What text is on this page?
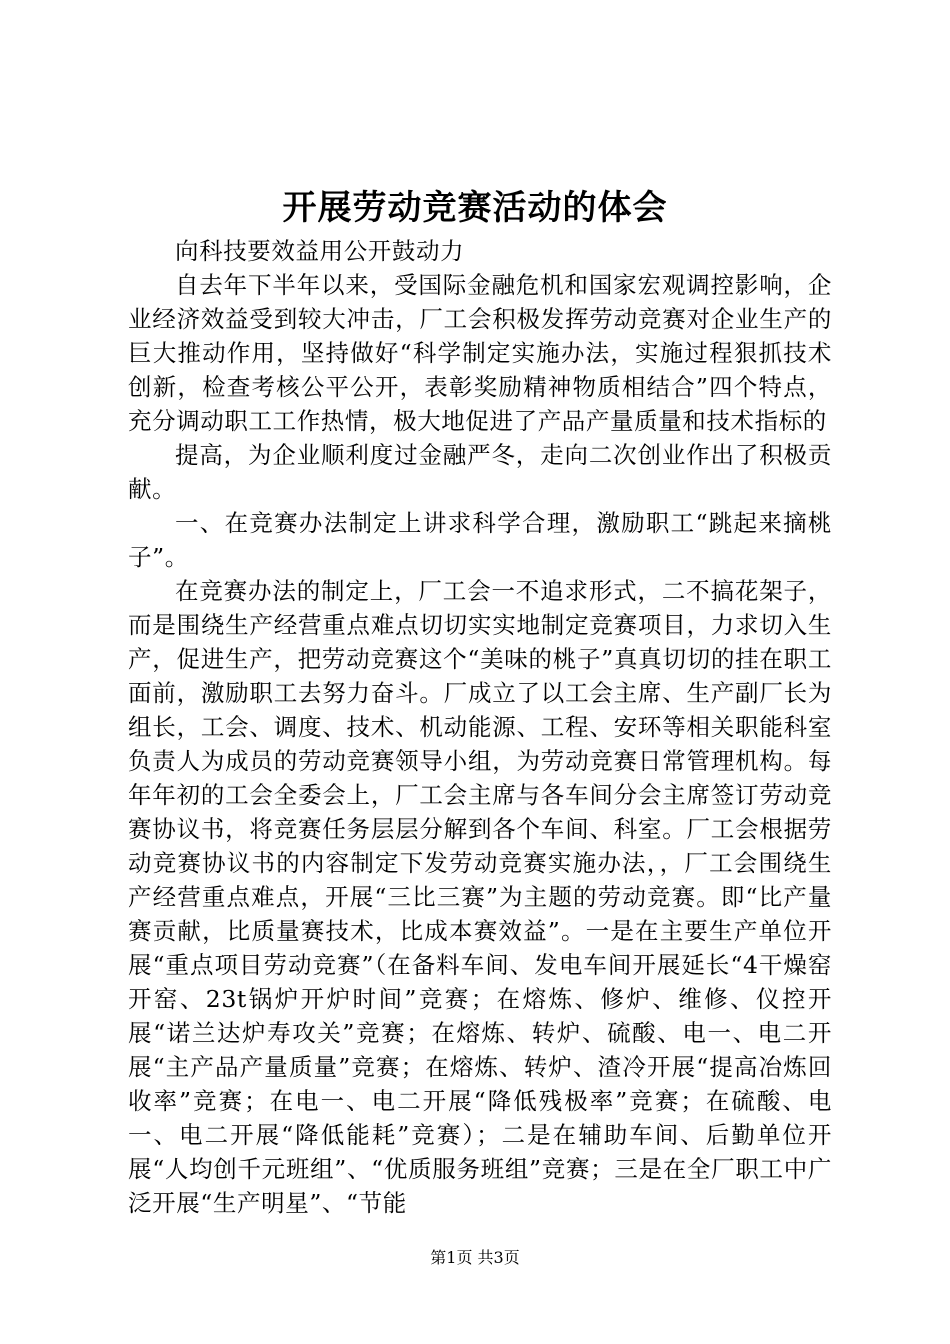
开展劳动竞赛活动的体会

向科技要效益用公开鼓动力

自去年下半年以来，受国际金融危机和国家宏观调控影响，企业经济效益受到较大冲击，厂工会积极发挥劳动竞赛对企业生产的巨大推动作用，坚持做好“科学制定实施办法，实施过程狠抓技术创新，检查考核公平公开，表彰奖励精神物质相结合”四个特点，充分调动职工工作热情，极大地促进了产品产量质量和技术指标的

提高，为企业顺利度过金融严冬，走向二次创业作出了积极贡献。

一、在竞赛办法制定上讲求科学合理，激励职工“跳起来摘桃子”。

在竞赛办法的制定上，厂工会一不追求形式，二不搞花架子，而是围绕生产经营重点难点切切实实地制定竞赛项目，力求切入生产，促进生产，把劳动竞赛这个“美味的桃子”真真切切的挂在职工面前，激励职工去努力奋斗。厂成立了以工会主席、生产副厂长为组长，工会、调度、技术、机动能源、工程、安环等相关职能科室负责人为成员的劳动竞赛领导小组，为劳动竞赛日常管理机构。每年年初的工会全委会上，厂工会主席与各车间分会主席签订劳动竞赛协议书，将竞赛任务层层分解到各个车间、科室。厂工会根据劳动竞赛协议书的内容制定下发劳动竞赛实施办法，，厂工会围绕生产经营重点难点，开展“三比三赛”为主题的劳动竞赛。即“比产量赛贡献，比质量赛技术，比成本赛效益”。一是在主要生产单位开展“重点项目劳动竞赛”（在备料车间、发电车间开展延长“4干燥窑开窑、23t锅炉开炉时间”竞赛；在熔炼、修炉、维修、仪控开展“诺兰达炉寿攻关”竞赛；在熔炼、转炉、硫酸、电一、电二开展“主产品产量质量”竞赛；在熔炼、转炉、渣冷开展“提高冶炼回收率”竞赛；在电一、电二开展“降低残极率”竞赛；在硫酸、电一、电二开展“降低能耗”竞赛）；二是在辅助车间、后勤单位开展“人均创千元班组”、“优质服务班组”竞赛；三是在全厂职工中广泛开展“生产明星”、“节能

第1页 共3页
